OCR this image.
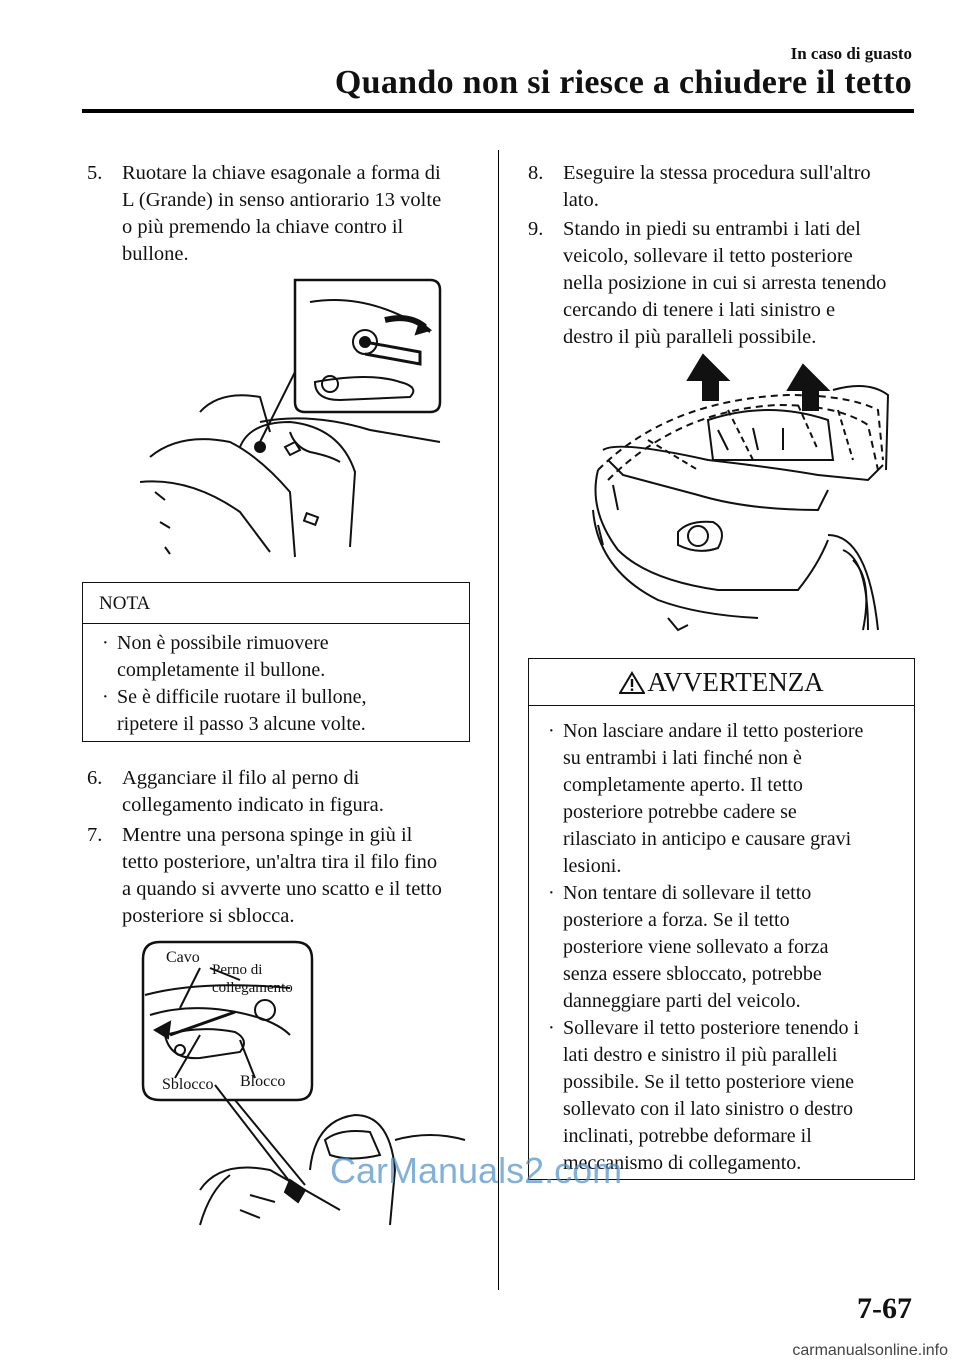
In caso di guasto
Quando non si riesce a chiudere il tetto
5. Ruotare la chiave esagonale a forma di
L (Grande) in senso antiorario 13 volte
o più premendo la chiave contro il
bullone.
NOTA
· Non è possibile rimuovere
completamente il bullone.
· Se è difficile ruotare il bullone,
ripetere il passo 3 alcune volte.
6. Agganciare il filo al perno di
collegamento indicato in figura.
7. Mentre una persona spinge in giù il
tetto posteriore, un'altra tira il filo fino
a quando si avverte uno scatto e il tetto
posteriore si sblocca.
Cavo
Perno di
collegamento
Sblocco Blocco
8. Eseguire la stessa procedura sull'altro
lato.
9. Stando in piedi su entrambi i lati del
veicolo, sollevare il tetto posteriore
nella posizione in cui si arresta tenendo
cercando di tenere i lati sinistro e
destro il più paralleli possibile.
AVVERTENZA
· Non lasciare andare il tetto posteriore
su entrambi i lati finché non è
completamente aperto. Il tetto
posteriore potrebbe cadere se
rilasciato in anticipo e causare gravi
lesioni.
· Non tentare di sollevare il tetto
posteriore a forza. Se il tetto
posteriore viene sollevato a forza
senza essere sbloccato, potrebbe
danneggiare parti del veicolo.
· Sollevare il tetto posteriore tenendo i
lati destro e sinistro il più paralleli
possibile. Se il tetto posteriore viene
sollevato con il lato sinistro o destro
inclinati, potrebbe deformare il
meccanismo di collegamento.
CarManuals2.com
7-67
carmanualsonline.info
